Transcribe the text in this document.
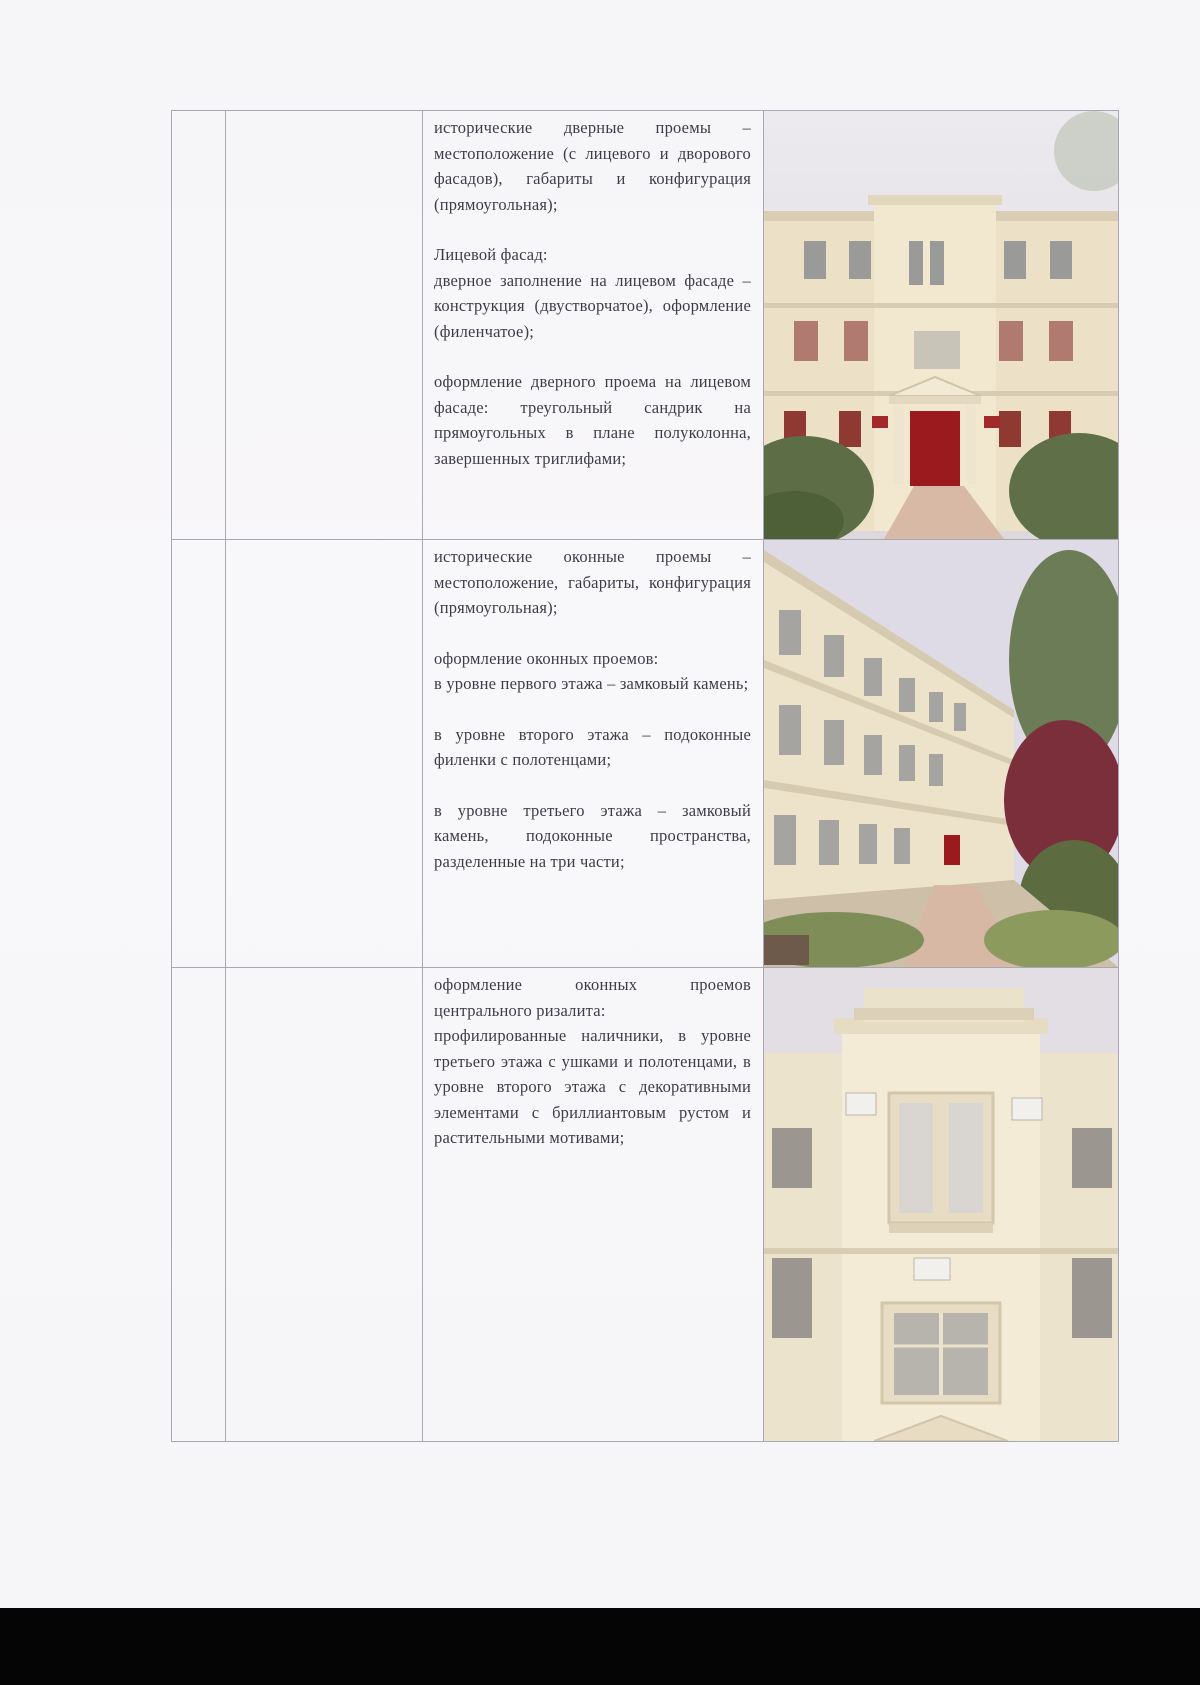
		исторические дверные проемы – местоположение (с лицевого и дворового фасадов), габариты и конфигурация (прямоугольная);

Лицевой фасад:

дверное заполнение на лицевом фасаде – конструкция (двустворчатое), оформление (филенчатое);

оформление дверного проема на лицевом фасаде: треугольный сандрик на прямоугольных в плане полуколонна, завершенных триглифами;

		исторические оконные проемы – местоположение, габариты, конфигурация (прямоугольная);

оформление оконных проемов:

в уровне первого этажа – замковый камень;

в уровне второго этажа – подоконные филенки с полотенцами;

в уровне третьего этажа – замковый камень, подоконные пространства, разделенные на три части;

		оформление оконных проемов центрального ризалита:

профилированные наличники, в уровне третьего этажа с ушками и полотенцами, в уровне второго этажа с декоративными элементами с бриллиантовым рустом и растительными мотивами;
